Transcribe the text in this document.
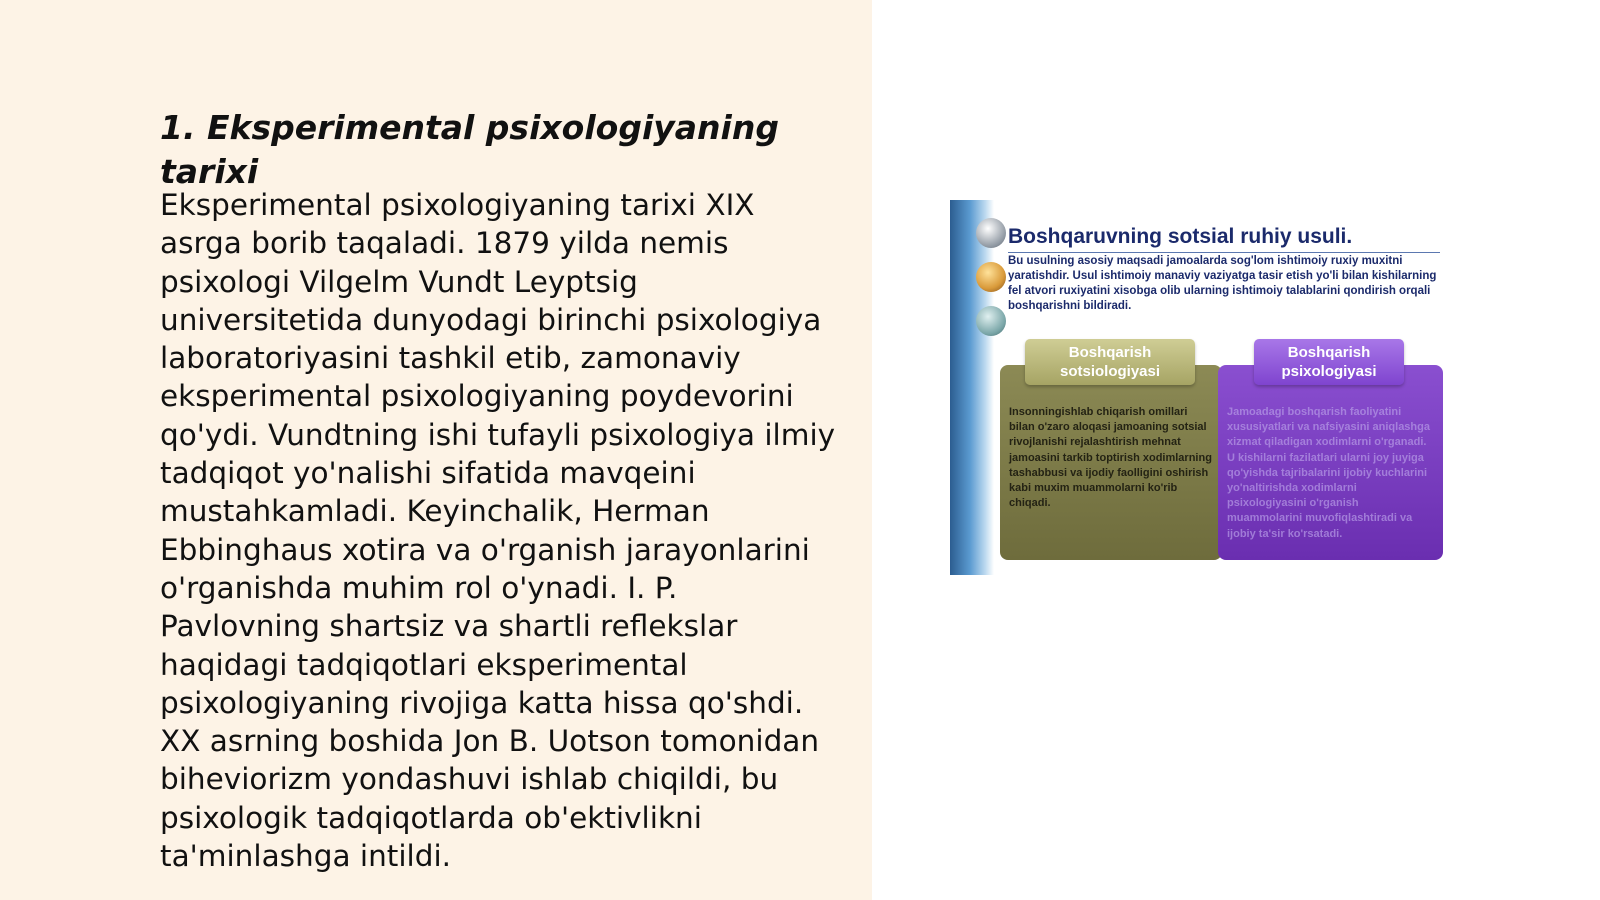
1. Eksperimental psixologiyaning tarixi

Eksperimental psixologiyaning tarixi XIX asrga borib taqaladi. 1879 yilda nemis psixologi Vilgelm Vundt Leyptsig universitetida dunyodagi birinchi psixologiya laboratoriyasini tashkil etib, zamonaviy eksperimental psixologiyaning poydevorini qo'ydi. Vundtning ishi tufayli psixologiya ilmiy tadqiqot yo'nalishi sifatida mavqeini mustahkamladi. Keyinchalik, Herman Ebbinghaus xotira va o'rganish jarayonlarini o'rganishda muhim rol o'ynadi. I. P. Pavlovning shartsiz va shartli reflekslar haqidagi tadqiqotlari eksperimental psixologiyaning rivojiga katta hissa qo'shdi. XX asrning boshida Jon B. Uotson tomonidan biheviorizm yondashuvi ishlab chiqildi, bu psixologik tadqiqotlarda ob'ektivlikni ta'minlashga intildi.

Boshqaruvning sotsial ruhiy usuli.

Bu usulning asosiy maqsadi jamoalarda sog'lom ishtimoiy ruxiy muxitni yaratishdir. Usul ishtimoiy manaviy vaziyatga tasir etish yo'li bilan kishilarning fel atvori ruxiyatini xisobga olib ularning ishtimoiy talablarini qondirish orqali boshqarishni bildiradi.

Boshqarish sotsiologiyasi

Insonningishlab chiqarish omillari bilan o'zaro aloqasi jamoaning sotsial rivojlanishi rejalashtirish mehnat jamoasini tarkib toptirish xodimlarning tashabbusi va ijodiy faolligini oshirish kabi muxim muammolarni ko'rib chiqadi.

Boshqarish psixologiyasi

Jamoadagi boshqarish faoliyatini xususiyatlari va nafsiyasini aniqlashga xizmat qiladigan xodimlarni o'rganadi. U kishilarni fazilatlari ularni joy juyiga qo'yishda tajribalarini ijobiy kuchlarini yo'naltirishda xodimlarni psixologiyasini o'rganish muammolarini muvofiqlashtiradi va ijobiy ta'sir ko'rsatadi.
